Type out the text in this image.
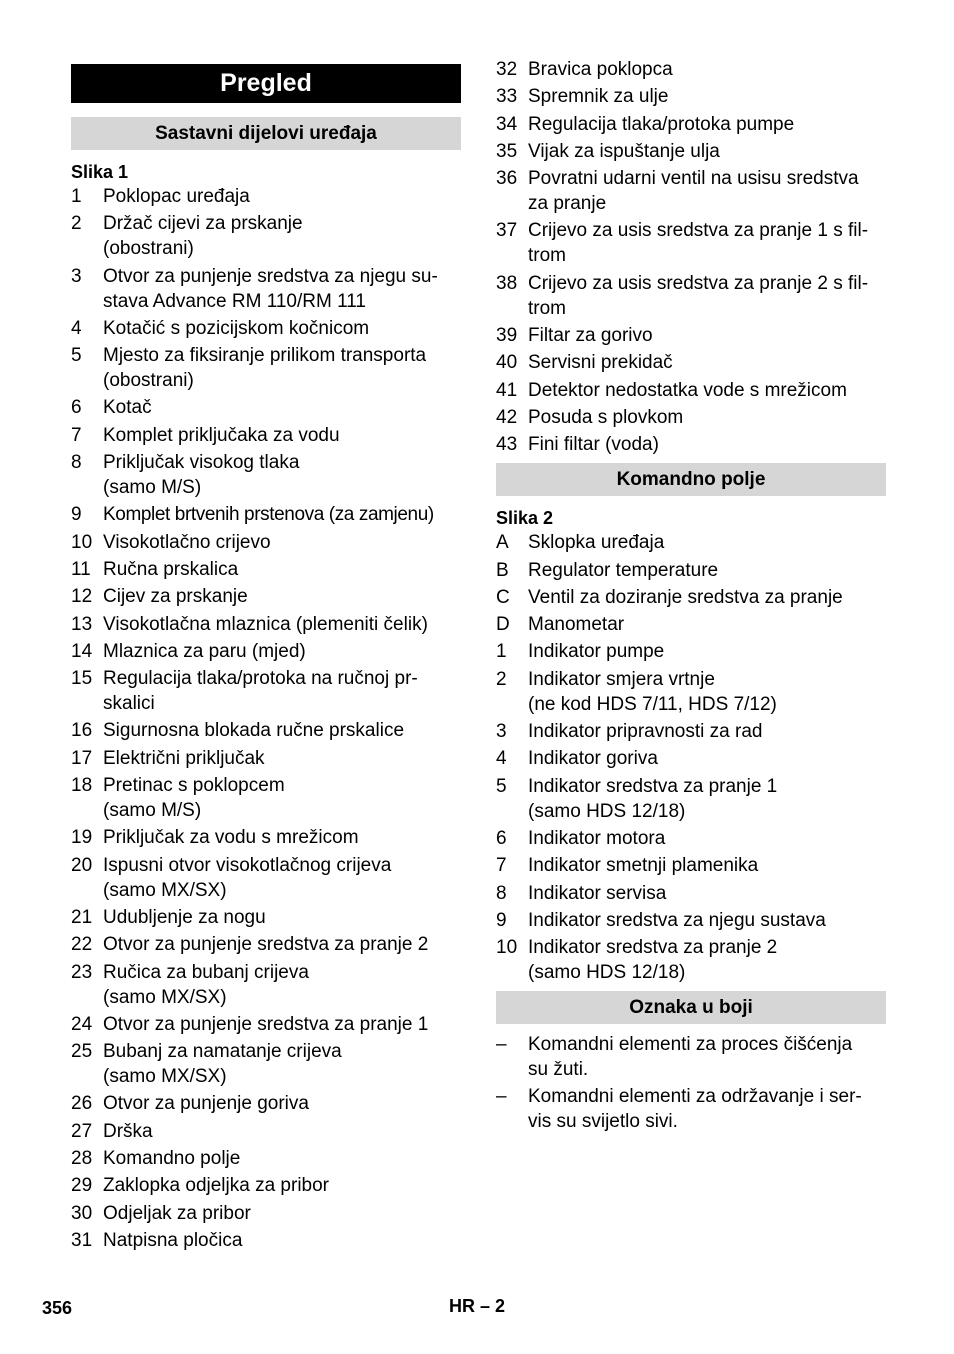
Pregled
Sastavni dijelovi uređaja
Slika 1
1	Poklopac uređaja
2	Držač cijevi za prskanje
(obostrani)
3	Otvor za punjenje sredstva za njegu su-
stava Advance RM 110/RM 111
4	Kotačić s pozicijskom kočnicom
5	Mjesto za fiksiranje prilikom transporta
(obostrani)
6	Kotač
7	Komplet priključaka za vodu
8	Priključak visokog tlaka
(samo M/S)
9	Komplet brtvenih prstenova (za zamjenu)
10 Visokotlačno crijevo
11 Ručna prskalica
12 Cijev za prskanje
13 Visokotlačna mlaznica (plemeniti čelik)
14 Mlaznica za paru (mjed)
15 Regulacija tlaka/protoka na ručnoj pr-
skalici
16 Sigurnosna blokada ručne prskalice
17 Električni priključak
18 Pretinac s poklopcem
(samo M/S)
19 Priključak za vodu s mrežicom
20 Ispusni otvor visokotlačnog crijeva
(samo MX/SX)
21 Udubljenje za nogu
22 Otvor za punjenje sredstva za pranje 2
23 Ručica za bubanj crijeva
(samo MX/SX)
24 Otvor za punjenje sredstva za pranje 1
25 Bubanj za namatanje crijeva
(samo MX/SX)
26 Otvor za punjenje goriva
27 Drška
28 Komandno polje
29 Zaklopka odjeljka za pribor
30 Odjeljak za pribor
31 Natpisna pločica
32 Bravica poklopca
33 Spremnik za ulje
34 Regulacija tlaka/protoka pumpe
35 Vijak za ispuštanje ulja
36 Povratni udarni ventil na usisu sredstva
za pranje
37 Crijevo za usis sredstva za pranje 1 s fil-
trom
38 Crijevo za usis sredstva za pranje 2 s fil-
trom
39 Filtar za gorivo
40 Servisni prekidač
41 Detektor nedostatka vode s mrežicom
42 Posuda s plovkom
43 Fini filtar (voda)
Komandno polje
Slika 2
A	Sklopka uređaja
B	Regulator temperature
C Ventil za doziranje sredstva za pranje
D Manometar
1	Indikator pumpe
2	Indikator smjera vrtnje
(ne kod HDS 7/11, HDS 7/12)
3	Indikator pripravnosti za rad
4	Indikator goriva
5	Indikator sredstva za pranje 1
(samo HDS 12/18)
6	Indikator motora
7	Indikator smetnji plamenika
8	Indikator servisa
9	Indikator sredstva za njegu sustava
10 Indikator sredstva za pranje 2
(samo HDS 12/18)
Oznaka u boji
–	Komandni elementi za proces čišćenja
su žuti.
–	Komandni elementi za održavanje i ser-
vis su svijetlo sivi.
356	HR – 2
